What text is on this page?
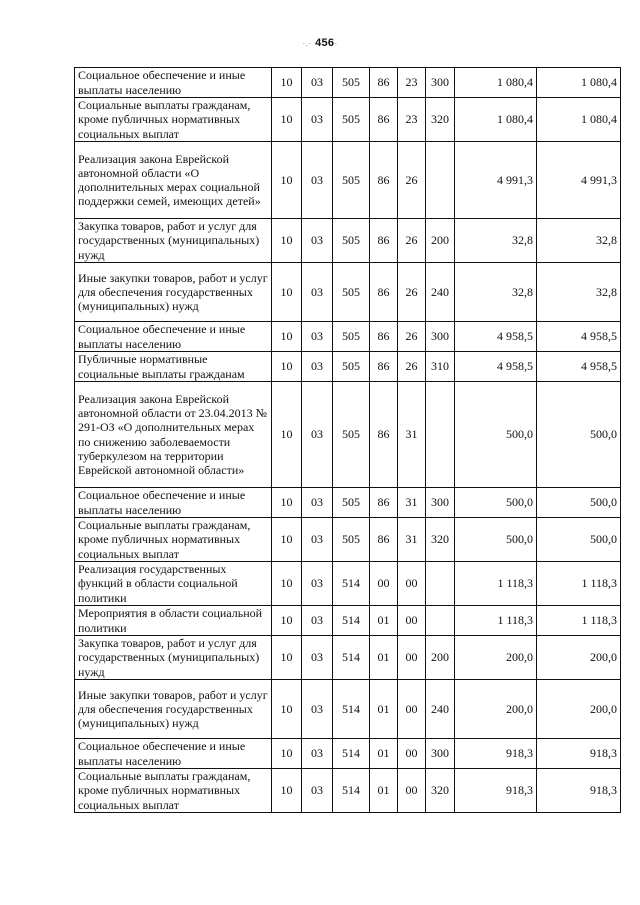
·.· 456·
Социальное обеспечение и иные выплаты населению	10	03	505	86	23	300	1 080,4	1 080,4
Социальные выплаты гражданам, кроме публичных нормативных социальных выплат	10	03	505	86	23	320	1 080,4	1 080,4
Реализация закона Еврейской автономной области «О дополнительных мерах социальной поддержки семей, имеющих детей»	10	03	505	86	26		4 991,3	4 991,3
Закупка товаров, работ и услуг для государственных (муниципальных) нужд	10	03	505	86	26	200	32,8	32,8
Иные закупки товаров, работ и услуг для обеспечения государственных (муниципальных) нужд	10	03	505	86	26	240	32,8	32,8
Социальное обеспечение и иные выплаты населению	10	03	505	86	26	300	4 958,5	4 958,5
Публичные нормативные социальные выплаты гражданам	10	03	505	86	26	310	4 958,5	4 958,5
Реализация закона Еврейской автономной области от 23.04.2013 № 291-ОЗ «О дополнительных мерах по снижению заболеваемости туберкулезом на территории Еврейской автономной области»	10	03	505	86	31		500,0	500,0
Социальное обеспечение и иные выплаты населению	10	03	505	86	31	300	500,0	500,0
Социальные выплаты гражданам, кроме публичных нормативных социальных выплат	10	03	505	86	31	320	500,0	500,0
Реализация государственных функций в области социальной политики	10	03	514	00	00		1 118,3	1 118,3
Мероприятия в области социальной политики	10	03	514	01	00		1 118,3	1 118,3
Закупка товаров, работ и услуг для государственных (муниципальных) нужд	10	03	514	01	00	200	200,0	200,0
Иные закупки товаров, работ и услуг для обеспечения государственных (муниципальных) нужд	10	03	514	01	00	240	200,0	200,0
Социальное обеспечение и иные выплаты населению	10	03	514	01	00	300	918,3	918,3
Социальные выплаты гражданам, кроме публичных нормативных социальных выплат	10	03	514	01	00	320	918,3	918,3
